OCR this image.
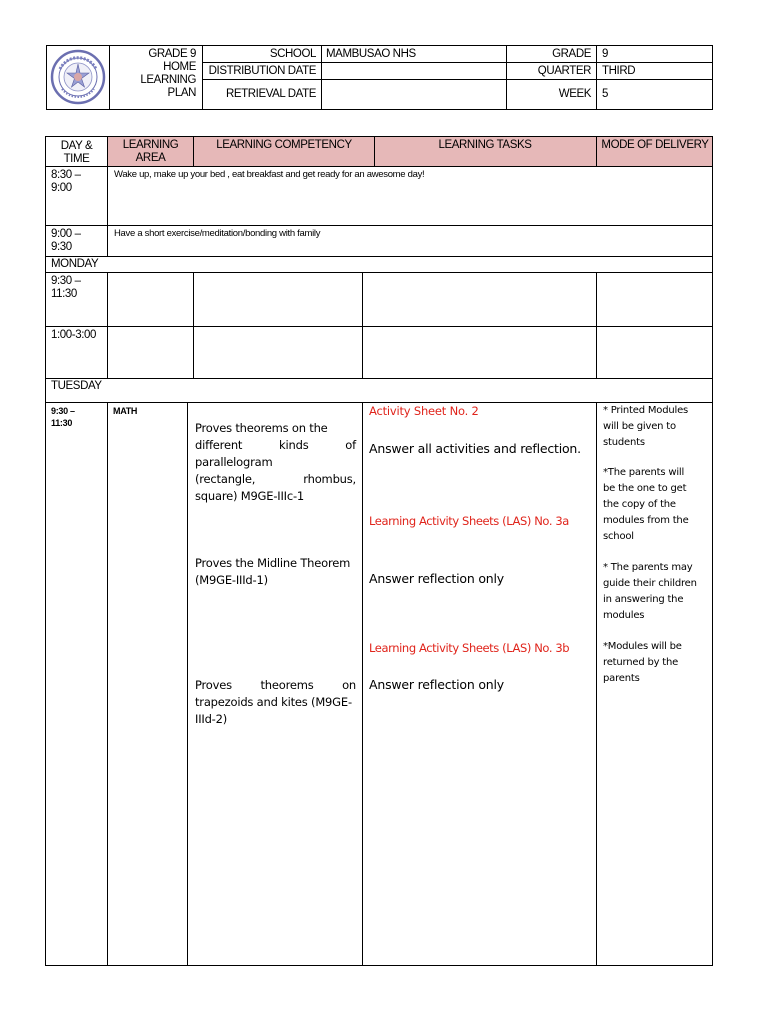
GRADE 9
HOME LEARNING
PLAN
SCHOOL MAMBUSAO NHS
DISTRIBUTION DATE
RETRIEVAL DATE
GRADE 9
QUARTER THIRD
WEEK 5
DAY &
TIME
LEARNING
AREA
LEARNING COMPETENCY	LEARNING TASKS	MODE OF DELIVERY
8:30 –
9:00
Wake up, make up your bed , eat breakfast and get ready for an awesome day!
9:00 –
9:30
Have a short exercise/meditation/bonding with family
MONDAY
9:30 –
11:30
1:00-3:00
TUESDAY
9:30 –
11:30
MATH
Proves theorems on the
different kinds of
parallelogram
(rectangle, rhombus,
square) M9GE-IIIc-1
Proves the Midline Theorem
(M9GE-IIId-1)
Proves theorems on
trapezoids and kites (M9GE-
IIId-2)
Activity Sheet No. 2
Answer all activities and reflection.
Learning Activity Sheets (LAS) No. 3a
Answer reflection only
Learning Activity Sheets (LAS) No. 3b
Answer reflection only
* Printed Modules
will be given to
students
*The parents will
be the one to get
the copy of the
modules from the
school
* The parents may
guide their children
in answering the
modules
*Modules will be
returned by the
parents
